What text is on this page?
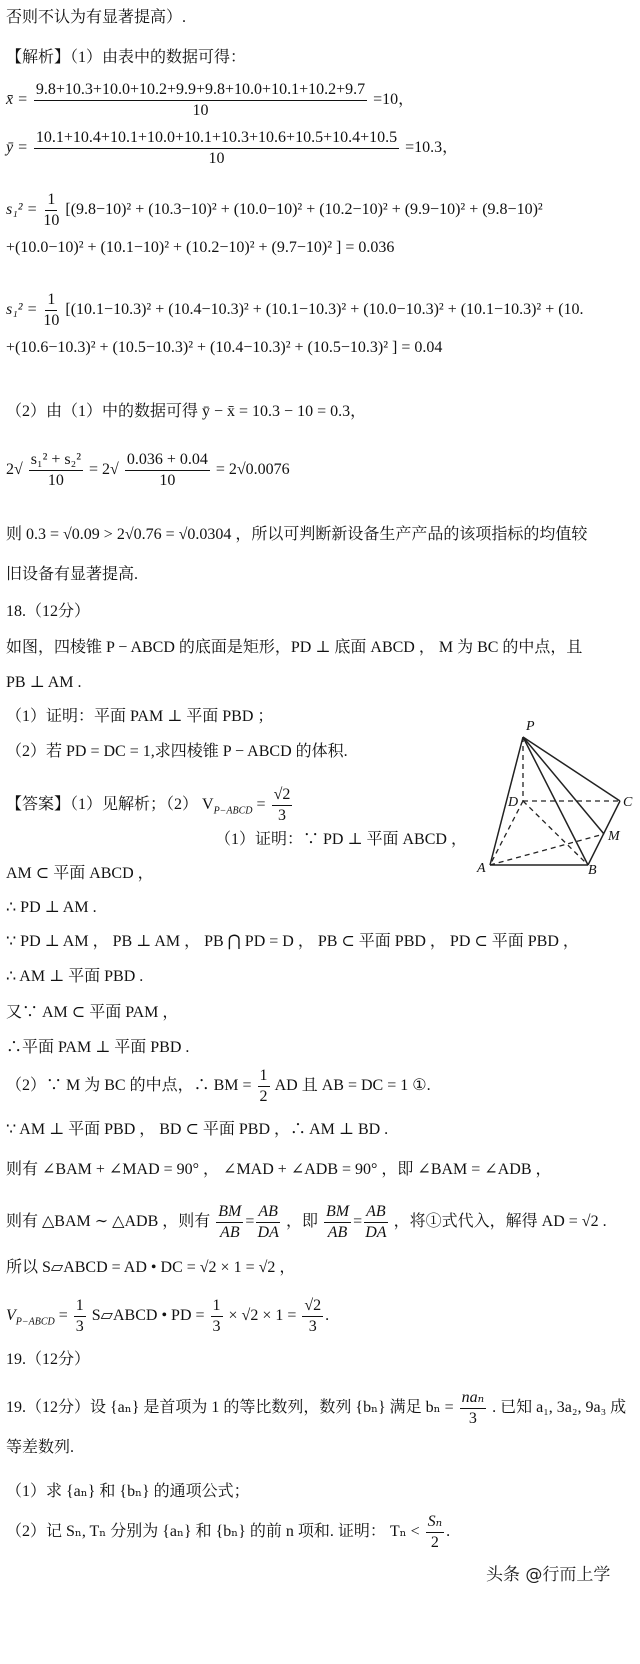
否则不认为有显著提高）.
【解析】（1）由表中的数据可得：
x̄ = $\frac{9.8+10.3+10.0+10.2+9.9+9.8+10.0+10.1+10.2+9.7}{10} =10$，
ȳ = $\frac{10.1+10.4+10.1+10.0+10.1+10.3+10.6+10.5+10.4+10.5}{10} =10.3$，
$s_1^2 = \frac{1}{10} [(9.8-10)^2 + (10.3-10)^2 + (10.0-10)^2 + (10.2-10)^2 + (9.9-10)^2 + (9.8-10)^2$
+(10.0−10)² + (10.1−10)² + (10.2−10)² + (9.7−10)² ] = 0.036
$s_1^2 = \frac{1}{10} [(10.1-10.3)^2 + (10.4-10.3)^2 + (10.1-10.3)^2 + (10.0-10.3)^2 + (10.1-10.3)^2 + (10$.
+(10.6−10.3)² + (10.5−10.3)² + (10.4−10.3)² + (10.5−10.3)² ] = 0.04
（2）由（1）中的数据可得 ȳ − x̄ = 10.3 − 10 = 0.3，
$2√ \frac{\text{s₁² + s₂²}}{10} = 2√ \frac{0.036 + 0.04}{10} = 2√0.0076$
则 0.3 = √0.09 > 2√0.76 = √0.0304 ，所以可判断新设备生产产品的该项指标的均值较
旧设备有显著提高.
18.（12分）
如图，四棱锥 P − ABCD 的底面是矩形，PD ⊥ 底面 ABCD ， M 为 BC 的中点，且
PB ⊥ AM .
（1）证明：平面 PAM ⊥ 平面 PBD ；
（2）若 PD = DC = 1,求四棱锥 P − ABCD 的体积.
P
D	C
M
A	B
【答案】（1）见解析；（2） $V_{P-ABCD} = \frac{√2}{3}$
（1）证明：∵ PD ⊥ 平面 ABCD ，
AM ⊂ 平面 ABCD ，
∴ PD ⊥ AM .
∵ PD ⊥ AM ， PB ⊥ AM ， PB ⋂ PD = D ， PB ⊂ 平面 PBD ， PD ⊂ 平面 PBD ，
∴ AM ⊥ 平面 PBD .
又∵ AM ⊂ 平面 PAM ，
∴平面 PAM ⊥ 平面 PBD .
（2）∵ M 为 BC 的中点，∴ BM = $\frac{1}{2}$ AD 且 AB = DC = 1 ①.
∵ AM ⊥ 平面 PBD ， BD ⊂ 平面 PBD ，∴ AM ⊥ BD .
则有 ∠BAM + ∠MAD = 90° ， ∠MAD + ∠ADB = 90° ，即 ∠BAM = ∠ADB ，
则有 △BAM ∼ △ADB ，则有 $\frac{BM}{AB} = \frac{AB}{DA}$ ，即 $\frac{BM}{AB} = \frac{AB}{DA}$ ，将①式代入，解得 AD = √2 .
所以 S▱ABCD = AD • DC = √2 × 1 = √2 ，
$V_{P-ABCD} = \frac{1}{3}$ S▱ABCD • PD = $\frac{1}{3} \times √2 \times 1 = \frac{√2}{3}$ .
19.（12分）
19.（12分）设 {aₙ} 是首项为 1 的等比数列，数列 {bₙ} 满足 bₙ =
naₙ
3
. 已知 a₁, 3a₂, 9a₃ 成
等差数列.
（1）求 {aₙ} 和 {bₙ} 的通项公式；
（2）记 Sₙ, Tₙ 分别为 {aₙ} 和 {bₙ} 的前 n 项和. 证明： $T_n < \frac{\text{Sₙ}}{2}$ .
头条 @行而上学
